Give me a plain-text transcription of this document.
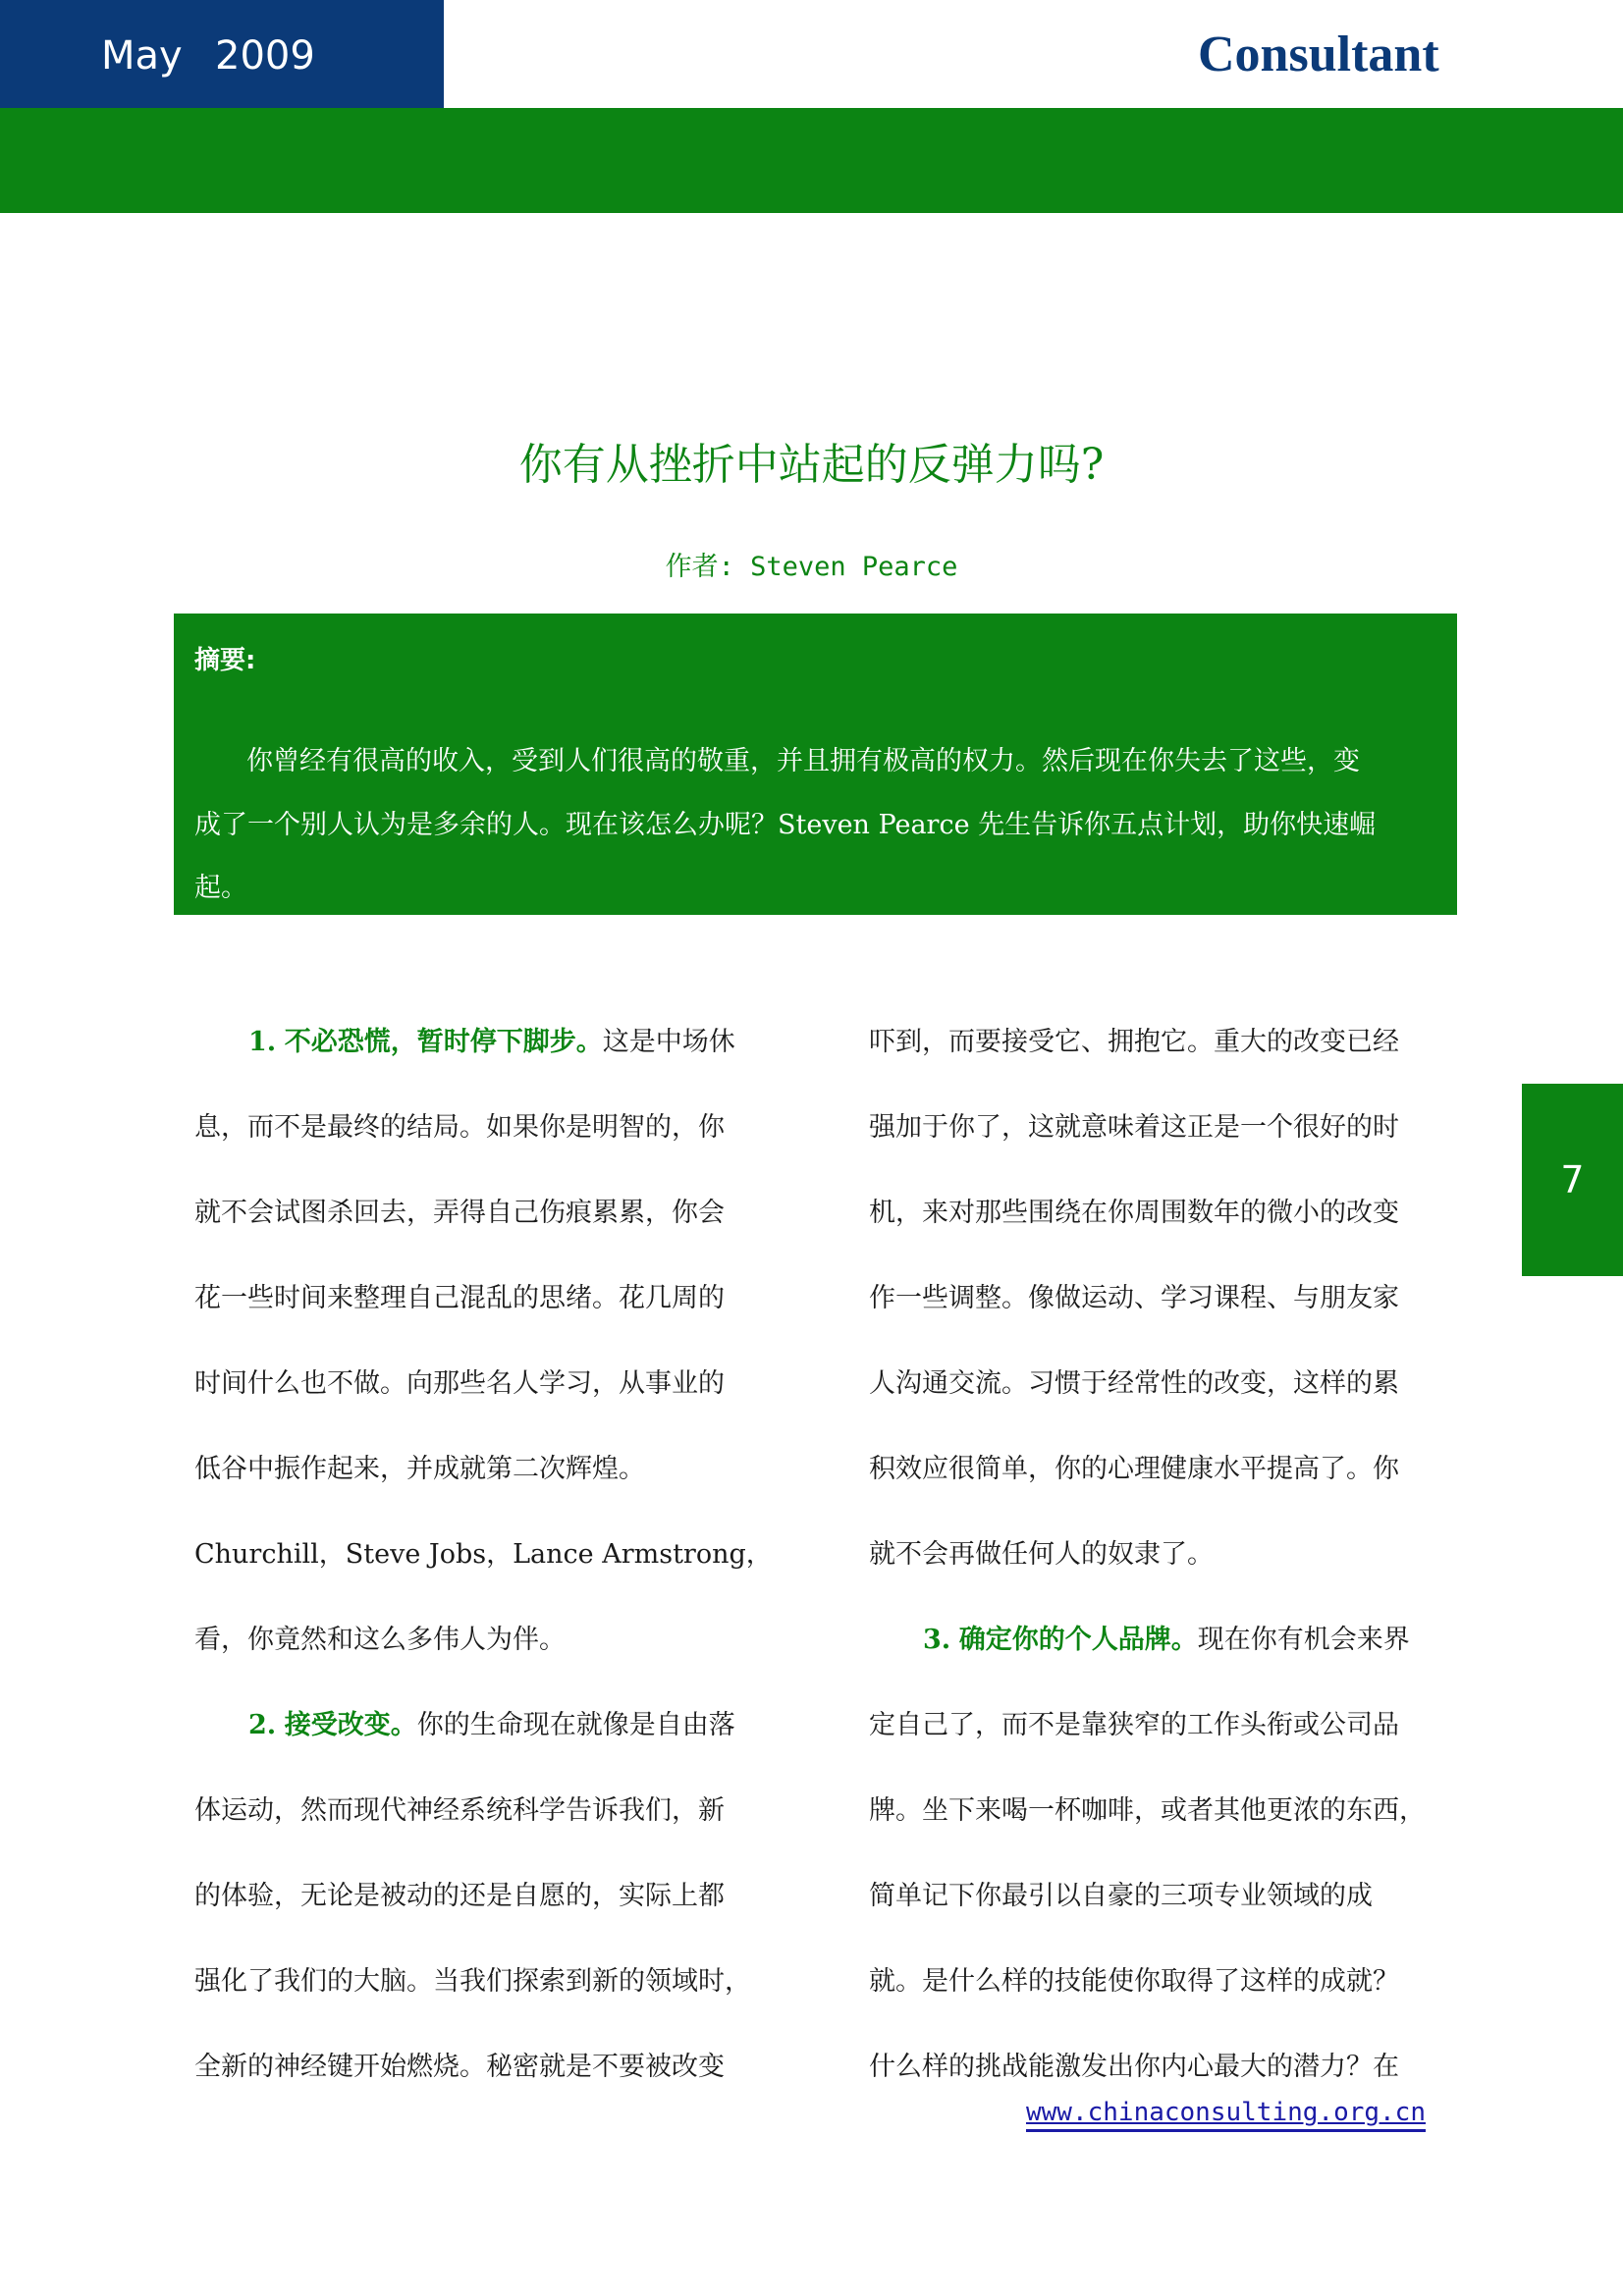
May 2009	Consultant
你有从挫折中站起的反弹力吗?
作者: Steven Pearce
摘要:
你曾经有很高的收入，受到人们很高的敬重，并且拥有极高的权力。然后现在你失去了这些，变
成了一个别人认为是多余的人。现在该怎么办呢？Steven Pearce 先生告诉你五点计划，助你快速崛
起。
7
1. 不必恐慌，暂时停下脚步。这是中场休
息，而不是最终的结局。如果你是明智的，你
就不会试图杀回去，弄得自己伤痕累累，你会
花一些时间来整理自己混乱的思绪。花几周的
时间什么也不做。向那些名人学习，从事业的
低谷中振作起来，并成就第二次辉煌。
Churchill，Steve Jobs，Lance Armstrong，
看，你竟然和这么多伟人为伴。
2. 接受改变。你的生命现在就像是自由落
体运动，然而现代神经系统科学告诉我们，新
的体验，无论是被动的还是自愿的，实际上都
强化了我们的大脑。当我们探索到新的领域时，
全新的神经键开始燃烧。秘密就是不要被改变
吓到，而要接受它、拥抱它。重大的改变已经
强加于你了，这就意味着这正是一个很好的时
机，来对那些围绕在你周围数年的微小的改变
作一些调整。像做运动、学习课程、与朋友家
人沟通交流。习惯于经常性的改变，这样的累
积效应很简单，你的心理健康水平提高了。你
就不会再做任何人的奴隶了。
3. 确定你的个人品牌。现在你有机会来界
定自己了，而不是靠狭窄的工作头衔或公司品
牌。坐下来喝一杯咖啡，或者其他更浓的东西，
简单记下你最引以自豪的三项专业领域的成
就。是什么样的技能使你取得了这样的成就？
什么样的挑战能激发出你内心最大的潜力？在
www.chinaconsulting.org.cn
